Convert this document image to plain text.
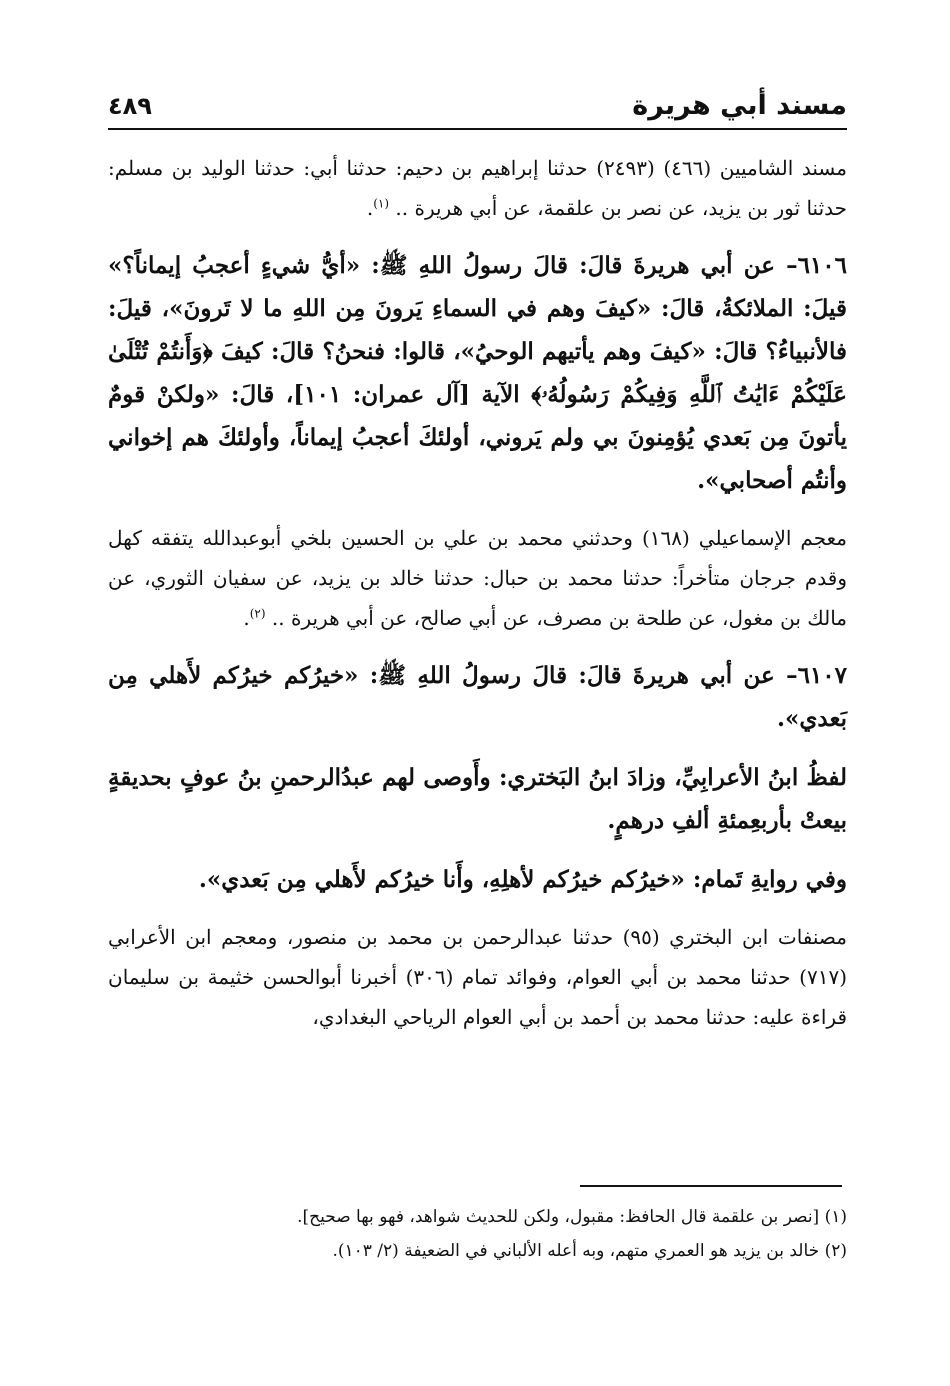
مسند أبي هريرة
٤٨٩

مسند الشاميين (٤٦٦) (٢٤٩٣) حدثنا إبراهيم بن دحيم: حدثنا أبي: حدثنا الوليد بن مسلم: حدثنا ثور بن يزيد، عن نصر بن علقمة، عن أبي هريرة .. $^{(١)}$.

٦١٠٦– عن أبي هريرةَ قالَ: قالَ رسولُ اللهِ ﷺ: «أيُّ شيءٍ أعجبُ إيماناً؟» قيلَ: الملائكةُ، قالَ: «كيفَ وهم في السماءِ يَرونَ مِن اللهِ ما لا تَرونَ»، قيلَ: فالأنبياءُ؟ قالَ: «كيفَ وهم يأتيهم الوحيُ»، قالوا: فنحنُ؟ قالَ: كيفَ ﴿وَأَنتُمْ تُتْلَىٰ عَلَيْكُمْ ءَايَٰتُ ٱللَّهِ وَفِيكُمْ رَسُولُهُۥ﴾ الآية [آل عمران: ١٠١]، قالَ: «ولكنْ قومٌ يأتونَ مِن بَعدي يُؤمِنونَ بي ولم يَروني، أولئكَ أعجبُ إيماناً، وأولئكَ هم إخواني وأنتُم أصحابي».

معجم الإسماعيلي (١٦٨) وحدثني محمد بن علي بن الحسين بلخي أبوعبدالله يتفقه كهل وقدم جرجان متأخراً: حدثنا محمد بن حبال: حدثنا خالد بن يزيد، عن سفيان الثوري، عن مالك بن مغول، عن طلحة بن مصرف، عن أبي صالح، عن أبي هريرة .. $^{(٢)}$.

٦١٠٧– عن أبي هريرةَ قالَ: قالَ رسولُ اللهِ ﷺ: «خيرُكم خيرُكم لأَهلي مِن بَعدي».

لفظُ ابنُ الأعرابِيِّ، وزادَ ابنُ البَختري: وأَوصى لهم عبدُالرحمنِ بنُ عوفٍ بحديقةٍ بيعتْ بأربعِمئةِ ألفِ درهمٍ.

وفي روايةِ تَمام: «خيرُكم خيرُكم لأهلِهِ، وأَنا خيرُكم لأَهلي مِن بَعدي».

مصنفات ابن البختري (٩٥) حدثنا عبدالرحمن بن محمد بن منصور، ومعجم ابن الأعرابي (٧١٧) حدثنا محمد بن أبي العوام، وفوائد تمام (٣٠٦) أخبرنا أبوالحسن خثيمة بن سليمان قراءة عليه: حدثنا محمد بن أحمد بن أبي العوام الرياحي البغدادي،

(١) [نصر بن علقمة قال الحافظ: مقبول، ولكن للحديث شواهد، فهو بها صحيح].

(٢) خالد بن يزيد هو العمري متهم، وبه أعله الألباني في الضعيفة (٢/ ١٠٣).
